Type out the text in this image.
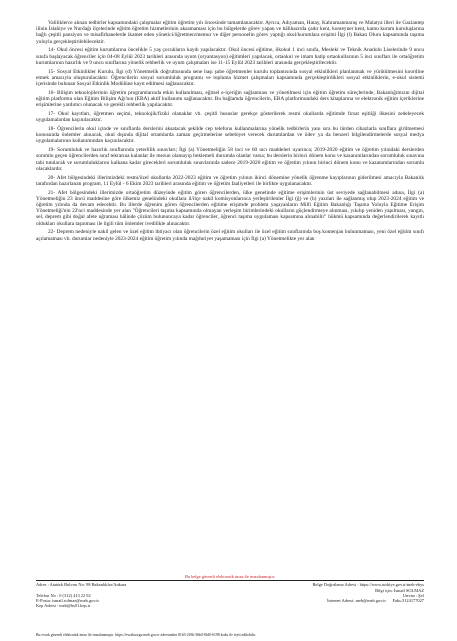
Valiliklerce alınan tedbirler kapsamındaki çalışmalar eğitim öğretim yılı öncesinde tamamlanacaktır. Ayrıca, Adıyaman, Hatay, Kahramanmaraş ve Malatya illeri ile Gaziantep ilinin İslahiye ve Nurdağı ilçelerinde eğitim öğretim hizmetlerinin aksamaması için bu bölgelerde görev yapan ve hâlihazırda çadır kent, konteyner kent, kamu kurum kuruluşlarına bağlı çeşitli pansiyon ve misafirhanelerde ikamet eden yönetici/öğretmen/memur ve diğer personelin görev yaptığı okul/kurumlara erişimi İlgi (l) Bakan Oluru kapsamında taşıma yoluyla gerçekleştirilebilecektir.

14- Okul öncesi eğitim kurumlarına öncelikle 5 yaş çocukların kaydı yapılacaktır. Okul öncesi eğitime, ilkokul 1 inci sınıfa, Mesleki ve Teknik Anadolu Liselerinde 9 uncu sınıfa başlayacak öğrenciler için 04-08 Eylül 2023 tarihleri arasında uyum (oryantasyon) eğitimleri yapılacak, ortaokul ve imam hatip ortaokullarının 5 inci sınıfları ile ortaöğretim kurumlarının hazırlık ve 9 uncu sınıflarına yönelik rehberlik ve uyum çalışmaları ise 11-15 Eylül 2023 tarihleri arasında gerçekleştirilecektir.

15- Sosyal Etkinlikler Kurulu, İlgi (d) Yönetmelik doğrultusunda sene başı şube öğretmenler kurulu toplantısında sosyal etkinlikleri planlanmak ve yürütülmesini koordine etmek amacıyla oluşturulacaktır. Öğrencilerin sosyal sorumluluk programı ve topluma hizmet çalışmaları kapsamında gerçekleştirdikleri sosyal etkinliklerin, e-okul sistemi içerisinde bulunan Sosyal Etkinlik Modülüne kayıt edilmesi sağlanacaktır.

16- Bilişim teknolojilerinin öğretim programlarında etkin kullanılması, eğitsel e-içeriğin sağlanması ve yönetilmesi için eğitim öğretim süreçlerinde, Bakanlığımızın dijital eğitim platformu olan Eğitim Bilişim Ağı'nın (EBA) aktif kullanımı sağlanacaktır. Bu bağlamda öğrencilerin, EBA platformundaki ders kitaplarına ve elektronik eğitim içeriklerine erişimlerine yardımcı olunacak ve gerekli rehberlik yapılacaktır.

17- Okul kayıtları, öğretmen seçimi, teknolojik/fiziki olanaklar vb. çeşitli hususlar gerekçe gösterilerek resmi okullarda eğitimde fırsat eşitliği ilkesini zedeleyecek uygulamalardan kaçınılacaktır.

18- Öğrencilerin okul içinde ve sınıflarda derslerini aksatacak şekilde cep telefonu kullanmalarına yönelik tedbirlerin yanı sıra bu türden cihazlarla sınıflara girilmemesi konusunda önlemler alınacak, okul dışında dijital ortamlarda zaman geçirmelerine sebebiyet verecek durumlardan ve ödev ya da benzeri bilgilendirmelerde sosyal medya uygulamalarının kullanımından kaçınılacaktır.

19- Sorumluluk ve hazırlık sınıflarında yeterlilik sınavları; İlgi (a) Yönetmeliğin 58 inci ve 60 ıncı maddeleri uyarınca; 2019-2020 eğitim ve öğretim yılındaki derslerden sorumlu geçen öğrencilerden sınıf tekrarına kalanlar ile mezun olamayıp beklemeli durumda olanlar varsa; bu derslerin birinci dönem konu ve kazanımlarından sorumluluk sınavına tabi tutulacak ve sorumluluklarını kalkana kadar girecekleri sorumluluk sınavlarında sadece 2019-2020 eğitim ve öğretim yılının birinci dönem konu ve kazanımlarından sorumlu olacaklardır.

20- Afet bölgesindeki illerimizdeki resmi/özel okullarda 2022-2023 eğitim ve öğretim yılının ikinci dönemine yönelik öğrenme kayıplarının giderilmesi amacıyla Bakanlık tarafından hazırlanan program, 11 Eylül - 6 Ekim 2023 tarihleri arasında eğitim ve öğretim faaliyetleri ile birlikte uygulanacaktır.

21- Afet bölgesindeki illerimizde ortaöğretim düzeyinde eğitim gören öğrencilerden, ülke genelinde eğitime erişimlerinin üst seviyede sağlanabilmesi adına, İlgi (a) Yönetmeliğin 23 üncü maddesine göre ülkemiz genelindeki okullara il/ilçe nakil komisyonlarınca yerleştirilenler İlgi (ğ) ve (h) yazıları ile sağlanmış olup 2023-2024 eğitim ve öğretim yılında da devam edecektir. Bu illerde öğrenim gören öğrencilerden eğitime erişimde problem yaşayanların Millî Eğitim Bakanlığı Taşıma Yoluyla Eğitime Erişim Yönetmeliği'nin 22'nci maddesinde yer alan "Öğrencileri taşıma kapsamında olmayan yerleşim birimlerindeki okulların güçlendirmeye alınması, yıkılıp yeniden yapılması, yangın, sel, deprem gibi doğal afete uğraması hâlinde çözüm bulununcaya kadar öğrenciler, öğrenci taşıma uygulaması kapsamına alınabilir" hükmü kapsamında değerlendirilerek kayıtlı oldukları okullara taşınması ile ilgili tüm önlemler ivedilikle alınacaktır.

22- Deprem nedeniyle nakil gelen ve özel eğitim ihtiyacı olan öğrencilerin özel eğitim okulları ile özel eğitim sınıflarında boş kontenjan bulunmaması, yeni özel eğitim sınıfı açılamaması vb. durumlar nedeniyle 2023-2024 eğitim öğretim yılında mağduriyet yaşamaması için İlgi (a) Yönetmelikte yer alan

Bu belge güvenli elektronik imza ile imzalanmıştır.
Adres : Atatürk Bulvarı No: 98 Bakanlıklar/Ankara	Belge Doğrulama Adresi : https://www.turkiye.gov.tr/meb-ebys
Bilgi için: İsmail SOLMAZ
Telefon No : 0 (312) 413 22 92	Unvan : Şef
E-Posta: ismail.solmaz@meb.gov.tr	İnternet Adresi: meb@meb.gov.tr Faks:3124177027
Kep Adresi : meb@hs01.kep.tr
Bu evrak güvenli elektronik imza ile imzalanmıştır. https://evraksorgu.meb.gov.tr adresinden 8163-2f0b-36b0-8fd0-6198 kodu ile teyit edilebilir.
